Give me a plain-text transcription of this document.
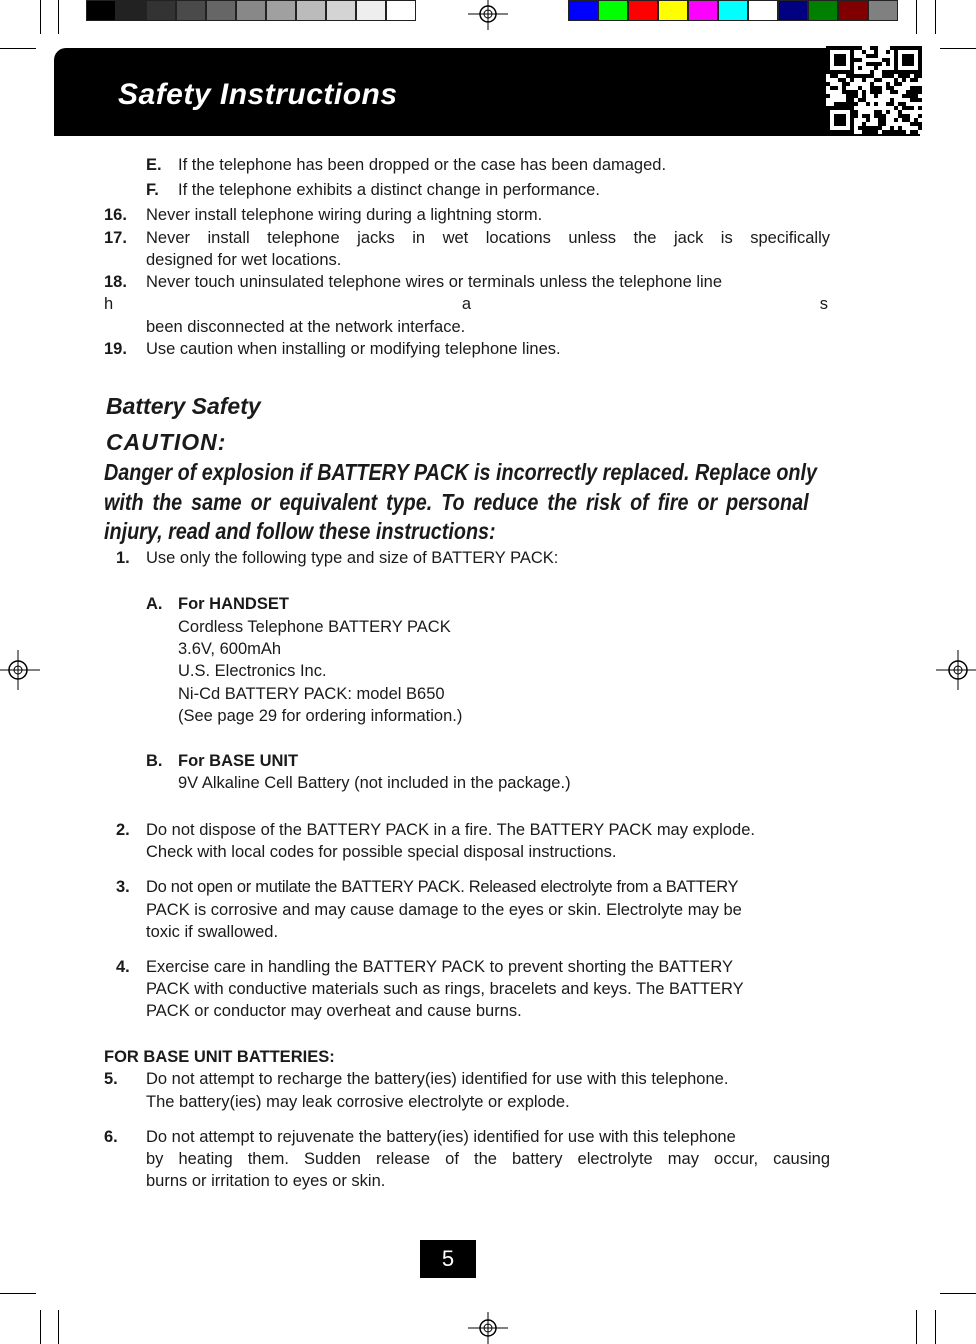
Safety Instructions
E. If the telephone has been dropped or the case has been damaged.
F. If the telephone exhibits a distinct change in performance.
16. Never install telephone wiring during a lightning storm.
17. Never install telephone jacks in wet locations unless the jack is specifically
designed for wet locations.
18. Never touch uninsulated telephone wires or terminals unless the telephone line
h a s
been disconnected at the network interface.
19. Use caution when installing or modifying telephone lines.
Battery Safety
CAUTION:
Danger of explosion if BATTERY PACK is incorrectly replaced. Replace only
with the same or equivalent type. To reduce the risk of fire or personal
injury, read and follow these instructions:
1. Use only the following type and size of BATTERY PACK:
A. For HANDSET
Cordless Telephone BATTERY PACK
3.6V, 600mAh
U.S. Electronics Inc.
Ni-Cd BATTERY PACK: model B650
(See page 29 for ordering information.)
B. For BASE UNIT
9V Alkaline Cell Battery (not included in the package.)
2. Do not dispose of the BATTERY PACK in a fire. The BATTERY PACK may explode.
Check with local codes for possible special disposal instructions.
3. Do not open or mutilate the BATTERY PACK. Released electrolyte from a BATTERY
PACK is corrosive and may cause damage to the eyes or skin. Electrolyte may be
toxic if swallowed.
4. Exercise care in handling the BATTERY PACK to prevent shorting the BATTERY
PACK with conductive materials such as rings, bracelets and keys. The BATTERY
PACK or conductor may overheat and cause burns.
FOR BASE UNIT BATTERIES:
5. Do not attempt to recharge the battery(ies) identified for use with this telephone.
The battery(ies) may leak corrosive electrolyte or explode.
6. Do not attempt to rejuvenate the battery(ies) identified for use with this telephone
by heating them. Sudden release of the battery electrolyte may occur, causing
burns or irritation to eyes or skin.
5
